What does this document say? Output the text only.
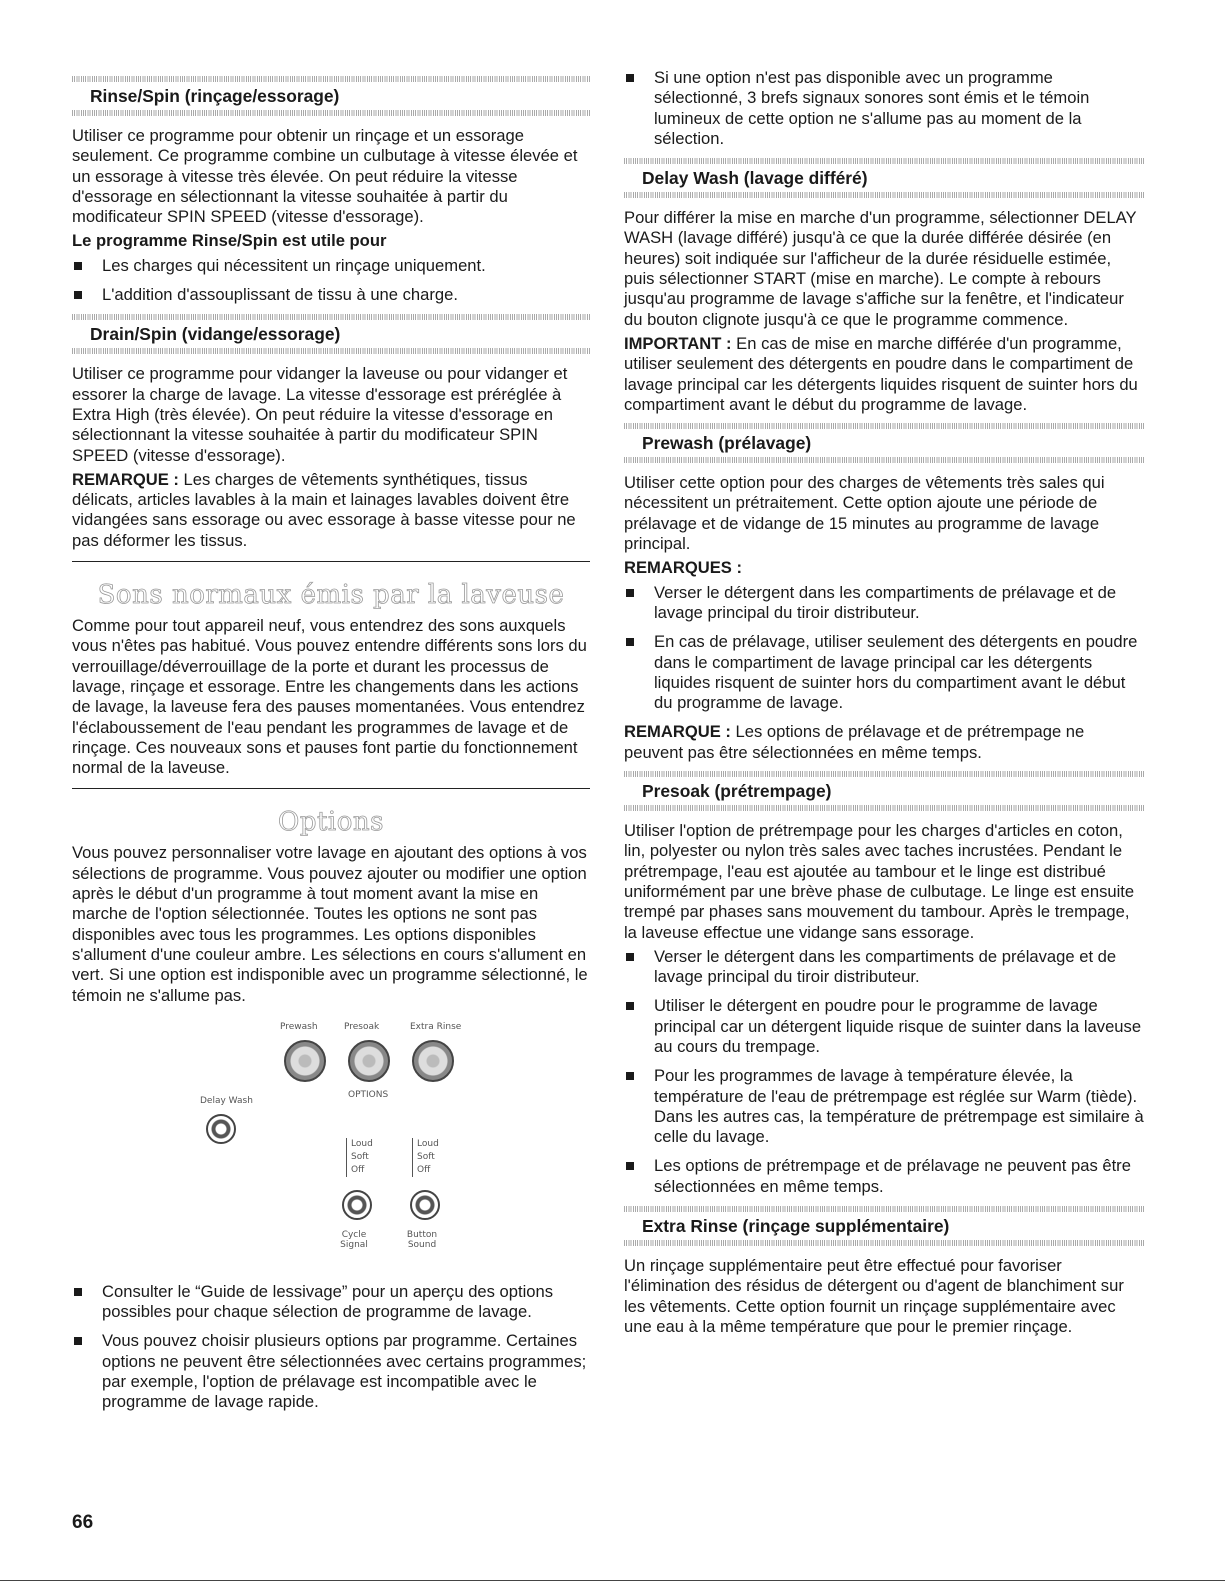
Rinse/Spin (rinçage/essorage)

Utiliser ce programme pour obtenir un rinçage et un essorage seulement. Ce programme combine un culbutage à vitesse élevée et un essorage à vitesse très élevée. On peut réduire la vitesse d'essorage en sélectionnant la vitesse souhaitée à partir du modificateur SPIN SPEED (vitesse d'essorage).

Le programme Rinse/Spin est utile pour
Les charges qui nécessitent un rinçage uniquement.
L'addition d'assouplissant de tissu à une charge.
Drain/Spin (vidange/essorage)

Utiliser ce programme pour vidanger la laveuse ou pour vidanger et essorer la charge de lavage. La vitesse d'essorage est préréglée à Extra High (très élevée). On peut réduire la vitesse d'essorage en sélectionnant la vitesse souhaitée à partir du modificateur SPIN SPEED (vitesse d'essorage).

REMARQUE : Les charges de vêtements synthétiques, tissus délicats, articles lavables à la main et lainages lavables doivent être vidangées sans essorage ou avec essorage à basse vitesse pour ne pas déformer les tissus.

Sons normaux émis par la laveuse

Comme pour tout appareil neuf, vous entendrez des sons auxquels vous n'êtes pas habitué. Vous pouvez entendre différents sons lors du verrouillage/déverrouillage de la porte et durant les processus de lavage, rinçage et essorage. Entre les changements dans les actions de lavage, la laveuse fera des pauses momentanées. Vous entendrez l'éclaboussement de l'eau pendant les programmes de lavage et de rinçage. Ces nouveaux sons et pauses font partie du fonctionnement normal de la laveuse.

Options

Vous pouvez personnaliser votre lavage en ajoutant des options à vos sélections de programme. Vous pouvez ajouter ou modifier une option après le début d'un programme à tout moment avant la mise en marche de l'option sélectionnée. Toutes les options ne sont pas disponibles avec tous les programmes. Les options disponibles s'allument d'une couleur ambre. Les sélections en cours s'allument en vert. Si une option est indisponible avec un programme sélectionné, le témoin ne s'allume pas.

Prewash	Presoak	Extra Rinse
OPTIONS
Delay Wash
Loud
Soft
Off
Loud
Soft
Off
Cycle Signal
Button Sound
Consulter le “Guide de lessivage” pour un aperçu des options possibles pour chaque sélection de programme de lavage.
Vous pouvez choisir plusieurs options par programme. Certaines options ne peuvent être sélectionnées avec certains programmes; par exemple, l'option de prélavage est incompatible avec le programme de lavage rapide.
Si une option n'est pas disponible avec un programme sélectionné, 3 brefs signaux sonores sont émis et le témoin lumineux de cette option ne s'allume pas au moment de la sélection.
Delay Wash (lavage différé)

Pour différer la mise en marche d'un programme, sélectionner DELAY WASH (lavage différé) jusqu'à ce que la durée différée désirée (en heures) soit indiquée sur l'afficheur de la durée résiduelle estimée, puis sélectionner START (mise en marche). Le compte à rebours jusqu'au programme de lavage s'affiche sur la fenêtre, et l'indicateur du bouton clignote jusqu'à ce que le programme commence.

IMPORTANT : En cas de mise en marche différée d'un programme, utiliser seulement des détergents en poudre dans le compartiment de lavage principal car les détergents liquides risquent de suinter hors du compartiment avant le début du programme de lavage.

Prewash (prélavage)

Utiliser cette option pour des charges de vêtements très sales qui nécessitent un prétraitement. Cette option ajoute une période de prélavage et de vidange de 15 minutes au programme de lavage principal.

REMARQUES :
Verser le détergent dans les compartiments de prélavage et de lavage principal du tiroir distributeur.
En cas de prélavage, utiliser seulement des détergents en poudre dans le compartiment de lavage principal car les détergents liquides risquent de suinter hors du compartiment avant le début du programme de lavage.

REMARQUE : Les options de prélavage et de prétrempage ne peuvent pas être sélectionnées en même temps.

Presoak (prétrempage)

Utiliser l'option de prétrempage pour les charges d'articles en coton, lin, polyester ou nylon très sales avec taches incrustées. Pendant le prétrempage, l'eau est ajoutée au tambour et le linge est distribué uniformément par une brève phase de culbutage. Le linge est ensuite trempé par phases sans mouvement du tambour. Après le trempage, la laveuse effectue une vidange sans essorage.

Verser le détergent dans les compartiments de prélavage et de lavage principal du tiroir distributeur.
Utiliser le détergent en poudre pour le programme de lavage principal car un détergent liquide risque de suinter dans la laveuse au cours du trempage.
Pour les programmes de lavage à température élevée, la température de l'eau de prétrempage est réglée sur Warm (tiède). Dans les autres cas, la température de prétrempage est similaire à celle du lavage.
Les options de prétrempage et de prélavage ne peuvent pas être sélectionnées en même temps.
Extra Rinse (rinçage supplémentaire)

Un rinçage supplémentaire peut être effectué pour favoriser l'élimination des résidus de détergent ou d'agent de blanchiment sur les vêtements. Cette option fournit un rinçage supplémentaire avec une eau à la même température que pour le premier rinçage.

66
